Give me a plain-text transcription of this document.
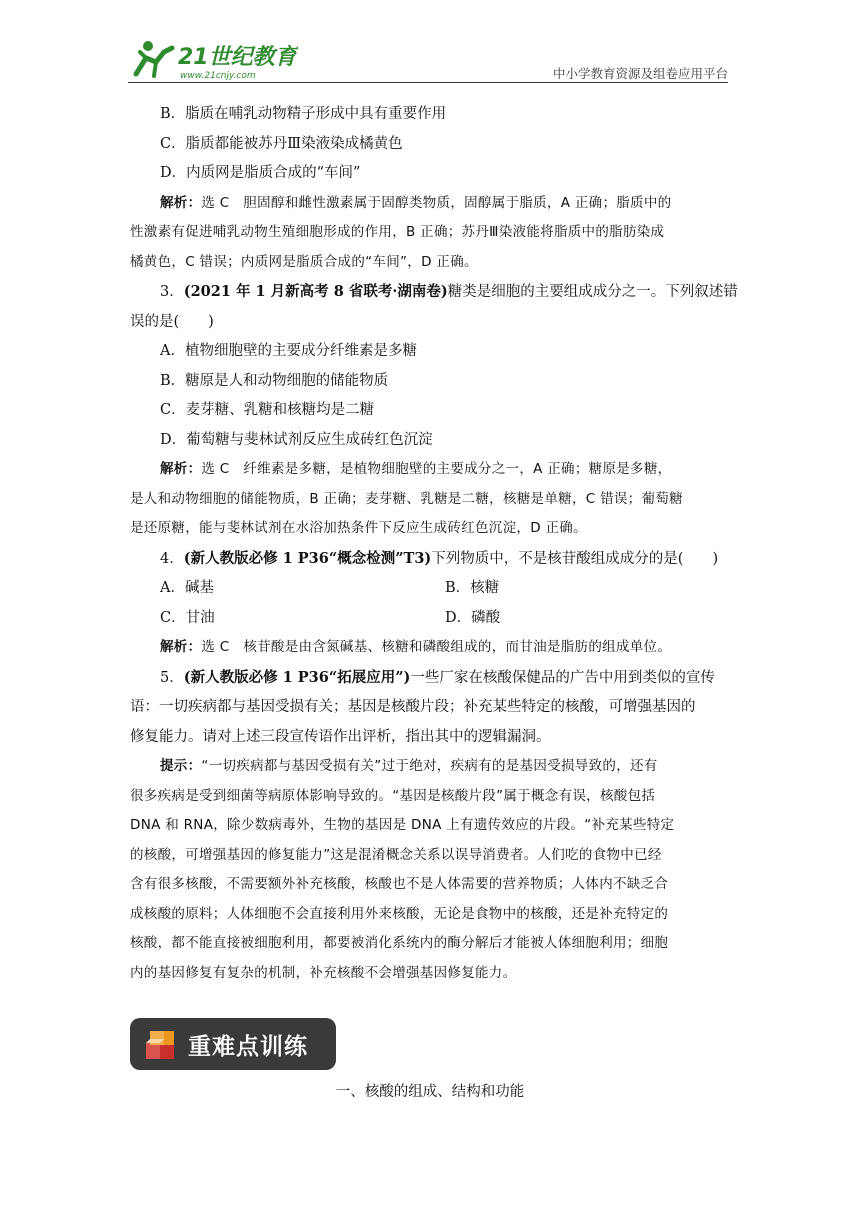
21世纪教育
www.21cnjy.com	中小学教育资源及组卷应用平台
B．脂质在哺乳动物精子形成中具有重要作用
C．脂质都能被苏丹Ⅲ染液染成橘黄色
D．内质网是脂质合成的“车间”
解析：选 C　胆固醇和雌性激素属于固醇类物质，固醇属于脂质，A 正确；脂质中的
性激素有促进哺乳动物生殖细胞形成的作用，B 正确；苏丹Ⅲ染液能将脂质中的脂肪染成
橘黄色，C 错误；内质网是脂质合成的“车间”，D 正确。
3．(2021 年 1 月新高考 8 省联考·湖南卷)糖类是细胞的主要组成成分之一。下列叙述错
误的是(　　)
A．植物细胞壁的主要成分纤维素是多糖
B．糖原是人和动物细胞的储能物质
C．麦芽糖、乳糖和核糖均是二糖
D．葡萄糖与斐林试剂反应生成砖红色沉淀
解析：选 C　纤维素是多糖，是植物细胞壁的主要成分之一，A 正确；糖原是多糖，
是人和动物细胞的储能物质，B 正确；麦芽糖、乳糖是二糖，核糖是单糖，C 错误；葡萄糖
是还原糖，能与斐林试剂在水浴加热条件下反应生成砖红色沉淀，D 正确。
4．(新人教版必修 1 P36“概念检测”T3)下列物质中，不是核苷酸组成成分的是(　　)
A．碱基	B．核糖
C．甘油	D．磷酸
解析：选 C　核苷酸是由含氮碱基、核糖和磷酸组成的，而甘油是脂肪的组成单位。
5．(新人教版必修 1 P36“拓展应用”)一些厂家在核酸保健品的广告中用到类似的宣传
语：一切疾病都与基因受损有关；基因是核酸片段；补充某些特定的核酸，可增强基因的
修复能力。请对上述三段宣传语作出评析，指出其中的逻辑漏洞。
提示：“一切疾病都与基因受损有关”过于绝对，疾病有的是基因受损导致的，还有
很多疾病是受到细菌等病原体影响导致的。“基因是核酸片段”属于概念有误，核酸包括
DNA 和 RNA，除少数病毒外，生物的基因是 DNA 上有遗传效应的片段。“补充某些特定
的核酸，可增强基因的修复能力”这是混淆概念关系以误导消费者。人们吃的食物中已经
含有很多核酸，不需要额外补充核酸，核酸也不是人体需要的营养物质；人体内不缺乏合
成核酸的原料；人体细胞不会直接利用外来核酸，无论是食物中的核酸，还是补充特定的
核酸，都不能直接被细胞利用，都要被消化系统内的酶分解后才能被人体细胞利用；细胞
内的基因修复有复杂的机制，补充核酸不会增强基因修复能力。
重难点训练
一、核酸的组成、结构和功能
